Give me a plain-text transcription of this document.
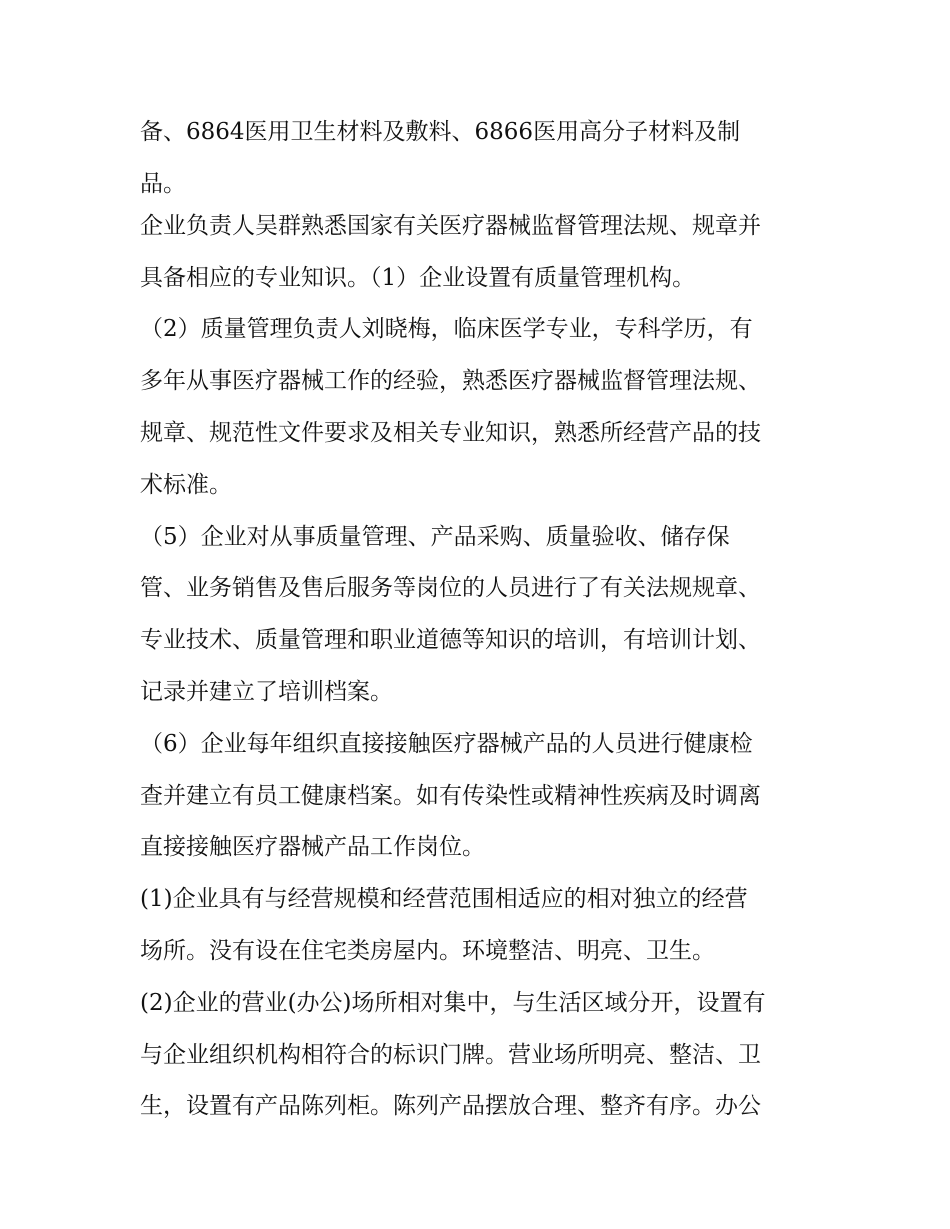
备、6864医用卫生材料及敷料、6866医用高分子材料及制
品。
企业负责人吴群熟悉国家有关医疗器械监督管理法规、规章并
具备相应的专业知识。（1）企业设置有质量管理机构。
（2）质量管理负责人刘晓梅，临床医学专业，专科学历，有
多年从事医疗器械工作的经验，熟悉医疗器械监督管理法规、
规章、规范性文件要求及相关专业知识，熟悉所经营产品的技
术标准。
（5）企业对从事质量管理、产品采购、质量验收、储存保
管、业务销售及售后服务等岗位的人员进行了有关法规规章、
专业技术、质量管理和职业道德等知识的培训，有培训计划、
记录并建立了培训档案。
（6）企业每年组织直接接触医疗器械产品的人员进行健康检
查并建立有员工健康档案。如有传染性或精神性疾病及时调离
直接接触医疗器械产品工作岗位。
(1)企业具有与经营规模和经营范围相适应的相对独立的经营
场所。没有设在住宅类房屋内。环境整洁、明亮、卫生。
(2)企业的营业(办公)场所相对集中，与生活区域分开，设置有
与企业组织机构相符合的标识门牌。营业场所明亮、整洁、卫
生，设置有产品陈列柜。陈列产品摆放合理、整齐有序。办公
